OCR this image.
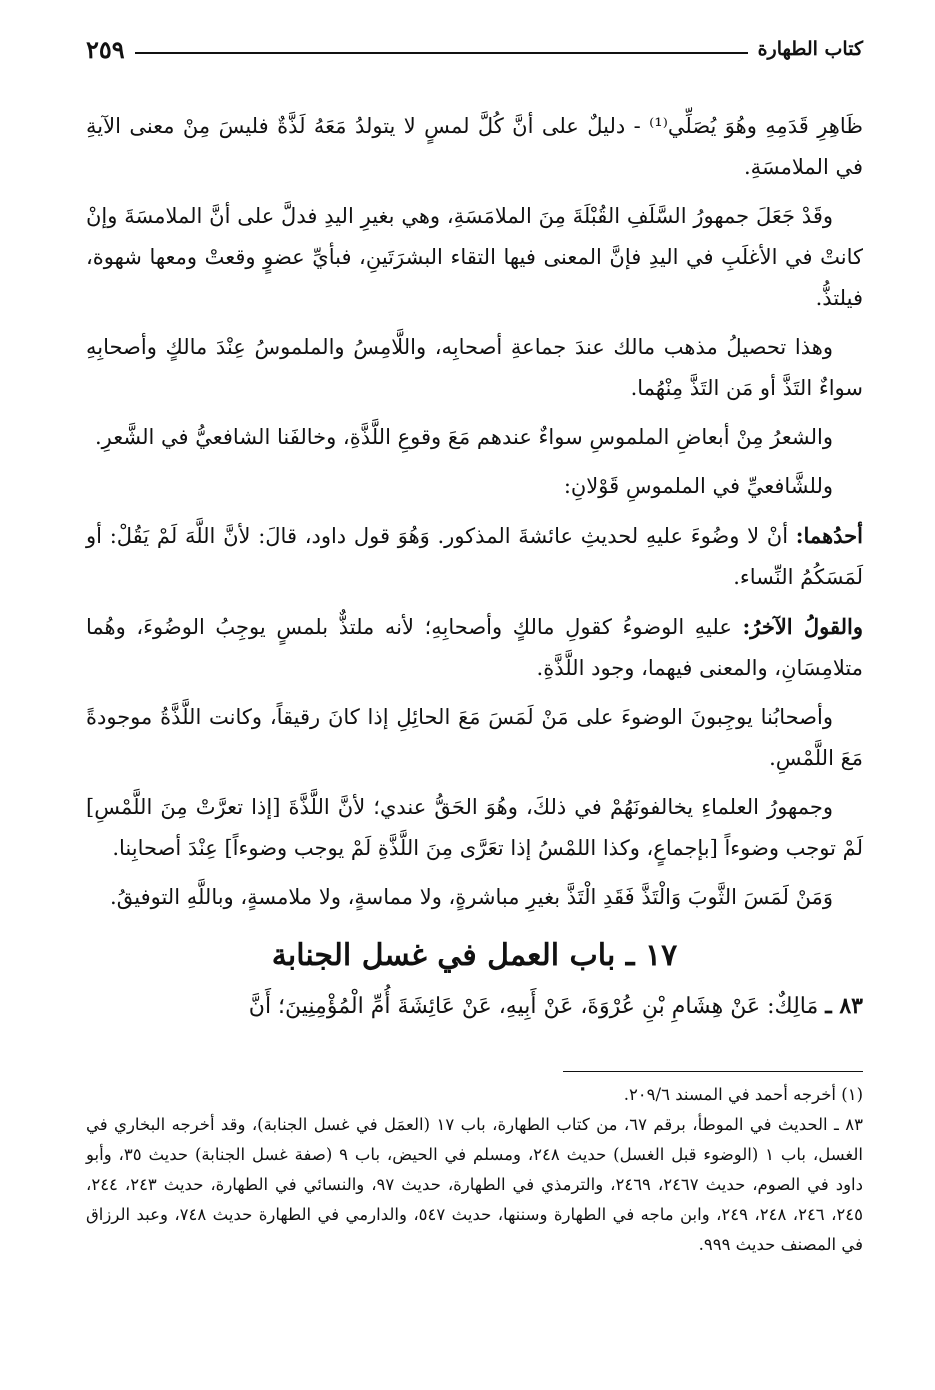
كتاب الطهارة
٢٥٩

ظَاهِرِ قَدَمِهِ وهُوَ يُصَلِّي⁽¹⁾ - دليلٌ على أنَّ كُلَّ لمسٍ لا يتولدُ مَعَهُ لَذَّةٌ فليسَ مِنْ معنى الآيةِ في الملامسَةِ.

وقَدْ جَعَلَ جمهورُ السَّلَفِ القُبْلَةَ مِنَ الملامَسَةِ، وهي بغيرِ اليدِ فدلَّ على أنَّ الملامسَةَ وإنْ كانتْ في الأغلَبِ في اليدِ فإنَّ المعنى فيها التقاء البشرَتَينِ، فبأيِّ عضوٍ وقعتْ ومعها شهوة، فيلتذُّ.

وهذا تحصيلُ مذهب مالك عندَ جماعةِ أصحابِه، واللَّامِسُ والملموسُ عِنْدَ مالكٍ وأصحابِهِ سواءٌ التَذَّ أو مَن التَذَّ مِنْهُما.

والشعرُ مِنْ أبعاضِ الملموسِ سواءٌ عندهم مَعَ وقوعِ اللَّذَّةِ، وخالفَنا الشافعيُّ في الشَّعرِ.

وللشَّافعيِّ في الملموسِ قَوْلانِ:

أحدُهما: أنْ لا وضُوءَ عليهِ لحديثِ عائشةَ المذكور. وَهُوَ قول داود، قالَ: لأنَّ اللَّهَ لَمْ يَقُلْ: أو لَمَسَكُمُ النِّساء.

والقولُ الآخرُ: عليهِ الوضوءُ كقولِ مالكٍ وأصحابِهِ؛ لأنه ملتذٌّ بلمسٍ يوجِبُ الوضُوءَ، وهُما متلامِسَانِ، والمعنى فيهما، وجود اللَّذَّةِ.

وأصحابُنا يوجِبونَ الوضوءَ على مَنْ لَمَسَ مَعَ الحائِلِ إذا كانَ رقيقاً، وكانت اللَّذَّةُ موجودةً مَعَ اللَّمْسِ.

وجمهورُ العلماءِ يخالفونَهُمْ في ذلكَ، وهُوَ الحَقُّ عندي؛ لأنَّ اللَّذَّةَ [إذا تعرَّتْ مِنَ اللَّمْسِ] لَمْ توجب وضوءاً [بإجماعٍ، وكذا اللمْسُ إذا تعَرَّى مِنَ اللَّذَّةِ لَمْ يوجب وضوءاً] عِنْدَ أصحابِنا.

وَمَنْ لَمَسَ الثَّوبَ وَالْتَذَّ فَقَدِ الْتَذَّ بغيرِ مباشرةٍ، ولا مماسةٍ، ولا ملامسةٍ، وباللَّهِ التوفيقُ.

١٧ ـ باب العمل في غسل الجنابة
٨٣ ـ مَالِكٌ: عَنْ هِشَامِ بْنِ عُرْوَةَ، عَنْ أَبِيهِ، عَنْ عَائِشَةَ أُمِّ الْمُؤْمِنِينَ؛ أَنَّ

(١) أخرجه أحمد في المسند ٢٠٩/٦.

٨٣ ـ الحديث في الموطأ، برقم ٦٧، من كتاب الطهارة، باب ١٧ (العمَل في غسل الجنابة)، وقد أخرجه البخاري في الغسل، باب ١ (الوضوء قبل الغسل) حديث ٢٤٨، ومسلم في الحيض، باب ٩ (صفة غسل الجنابة) حديث ٣٥، وأبو داود في الصوم، حديث ٢٤٦٧، ٢٤٦٩، والترمذي في الطهارة، حديث ٩٧، والنسائي في الطهارة، حديث ٢٤٣، ٢٤٤، ٢٤٥، ٢٤٦، ٢٤٨، ٢٤٩، وابن ماجه في الطهارة وسننها، حديث ٥٤٧، والدارمي في الطهارة حديث ٧٤٨، وعبد الرزاق في المصنف حديث ٩٩٩.
